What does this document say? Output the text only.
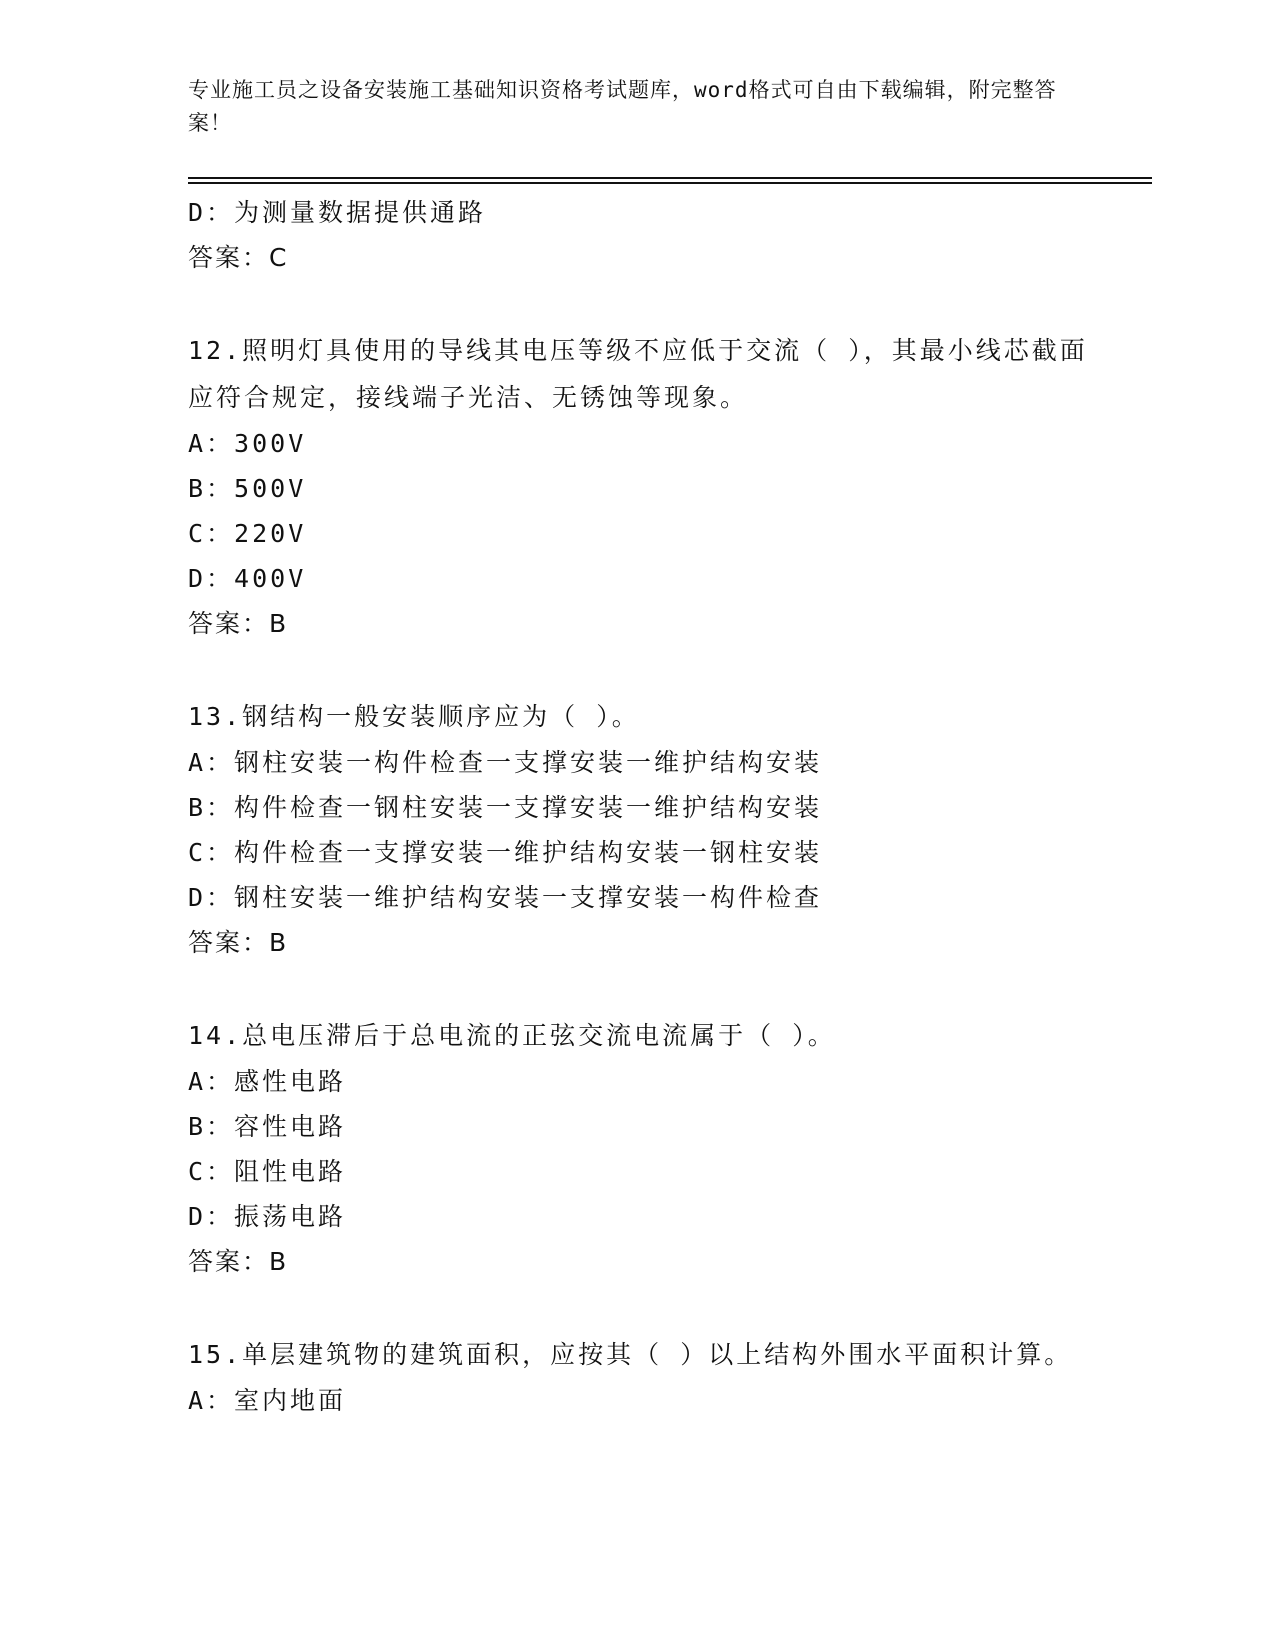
专业施工员之设备安装施工基础知识资格考试题库，word格式可自由下载编辑，附完整答案！
D：为测量数据提供通路
答案：C
12.照明灯具使用的导线其电压等级不应低于交流（ ），其最小线芯截面应符合规定，接线端子光洁、无锈蚀等现象。
A：300V
B：500V
C：220V
D：400V
答案：B
13.钢结构一般安装顺序应为（ ）。
A：钢柱安装一构件检查一支撑安装一维护结构安装
B：构件检查一钢柱安装一支撑安装一维护结构安装
C：构件检查一支撑安装一维护结构安装一钢柱安装
D：钢柱安装一维护结构安装一支撑安装一构件检查
答案：B
14.总电压滞后于总电流的正弦交流电流属于（ ）。
A：感性电路
B：容性电路
C：阻性电路
D：振荡电路
答案：B
15.单层建筑物的建筑面积，应按其（ ）以上结构外围水平面积计算。
A：室内地面
